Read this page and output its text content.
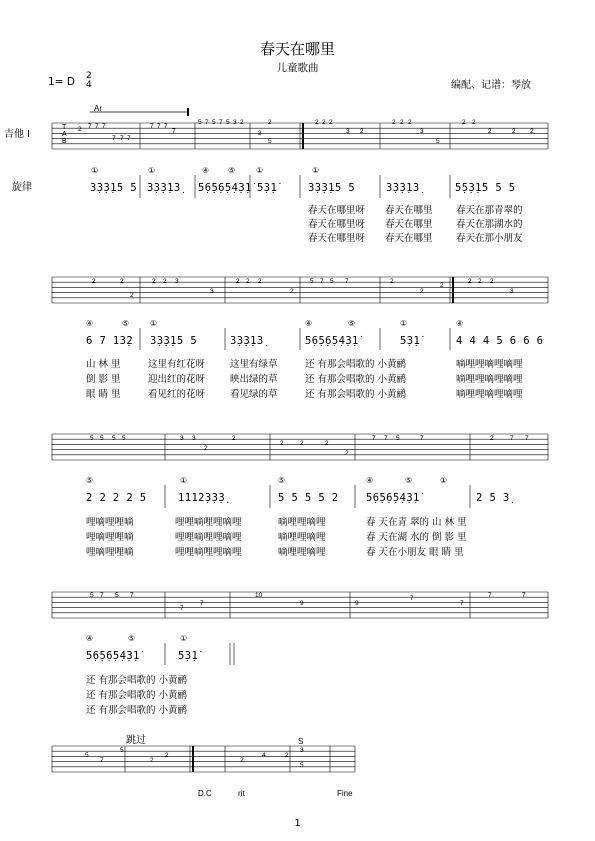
春天在哪里
儿童歌曲
1= D 2
4	编配、记谱：琴放
2 7 7 7
7 7 7
7 7 7
7
5 7 5 7 5 3 2
3
2
5
2 2 2
3 2
2 2 2
3
5
2 2
2	2 2
2	2
2
2 2 3
3
2 2 2
2
5 7 5 7	2
2
2
2 2 2
3
5 5 5 5	3 3
2
2
2	2	2
2
7 7 5	7	2	7 7
5 7 5 7
7
7
10
9	9
7
7
7	7
5
7
5
2
2
2
4	2
3
5
吉他 I
旋律
Ar
T
A
B
①	①
④ ⑤	①
①
3̣3̣3̣1̇5 5 3̣3̣3̣1̇3̣ 5̣6̣5̣6̣5̣4̣3̣1̇ 5̣3̣1̇	3̣3̣3̣1̇5 5	3̣3̣3̣1̇3̣	5̣5̣3̣1̇5 5 5
春天在哪里呀 春天在哪里 春天在那青翠的
春天在哪里呀 春天在哪里 春天在那湖水的
春天在哪里呀 春天在哪里 春天在那小朋友
④	⑤	①	④	⑤	①	④
6 7 1̇3̣2 3̣3̣3̣1̇5 5	3̣3̣3̣1̇3̣	5̣6̣5̣6̣5̣4̣3̣1̇	5̣3̣1̇	4 4 4 5 6 6 6
山 林 里	这里有红花呀	这里有绿草	还 有那会唱歌的 小黄鹂	嘀哩哩嘀哩嘀哩
倒 影 里	迎出红的花呀	映出绿的草	还 有那会唱歌的 小黄鹂	嘀哩哩嘀哩嘀哩
眼 睛 里	看见红的花呀	看见绿的草	还 有那会唱歌的 小黄鹂	嘀哩哩嘀哩嘀哩
⑤	①	⑤	④	⑤	①
2 2 2 2 5	1̇1̇1̇2̣3̣3̣3̣	5 5 5 5 2	5̣6̣5̣6̣5̣4̣3̣1̇	2 5 3̣
哩嘀哩哩嘀	哩哩嘀哩哩嘀哩	嘀哩哩嘀哩	春 天在青 翠的 山 林 里
哩嘀哩哩嘀	哩哩嘀哩哩嘀哩	嘀哩哩嘀哩	春 天在湖 水的 倒 影 里
哩嘀哩哩嘀	哩哩嘀哩哩嘀哩	嘀哩哩嘀哩	春 天在小朋友 眼 睛 里
④	⑤	①
5̣6̣5̣6̣5̣4̣3̣1̇	5̣3̣1̇
还 有那会唱歌的 小黄鹂
还 有那会唱歌的 小黄鹂
还 有那会唱歌的 小黄鹂
跳过	S
D.C	rit	Fine
1
